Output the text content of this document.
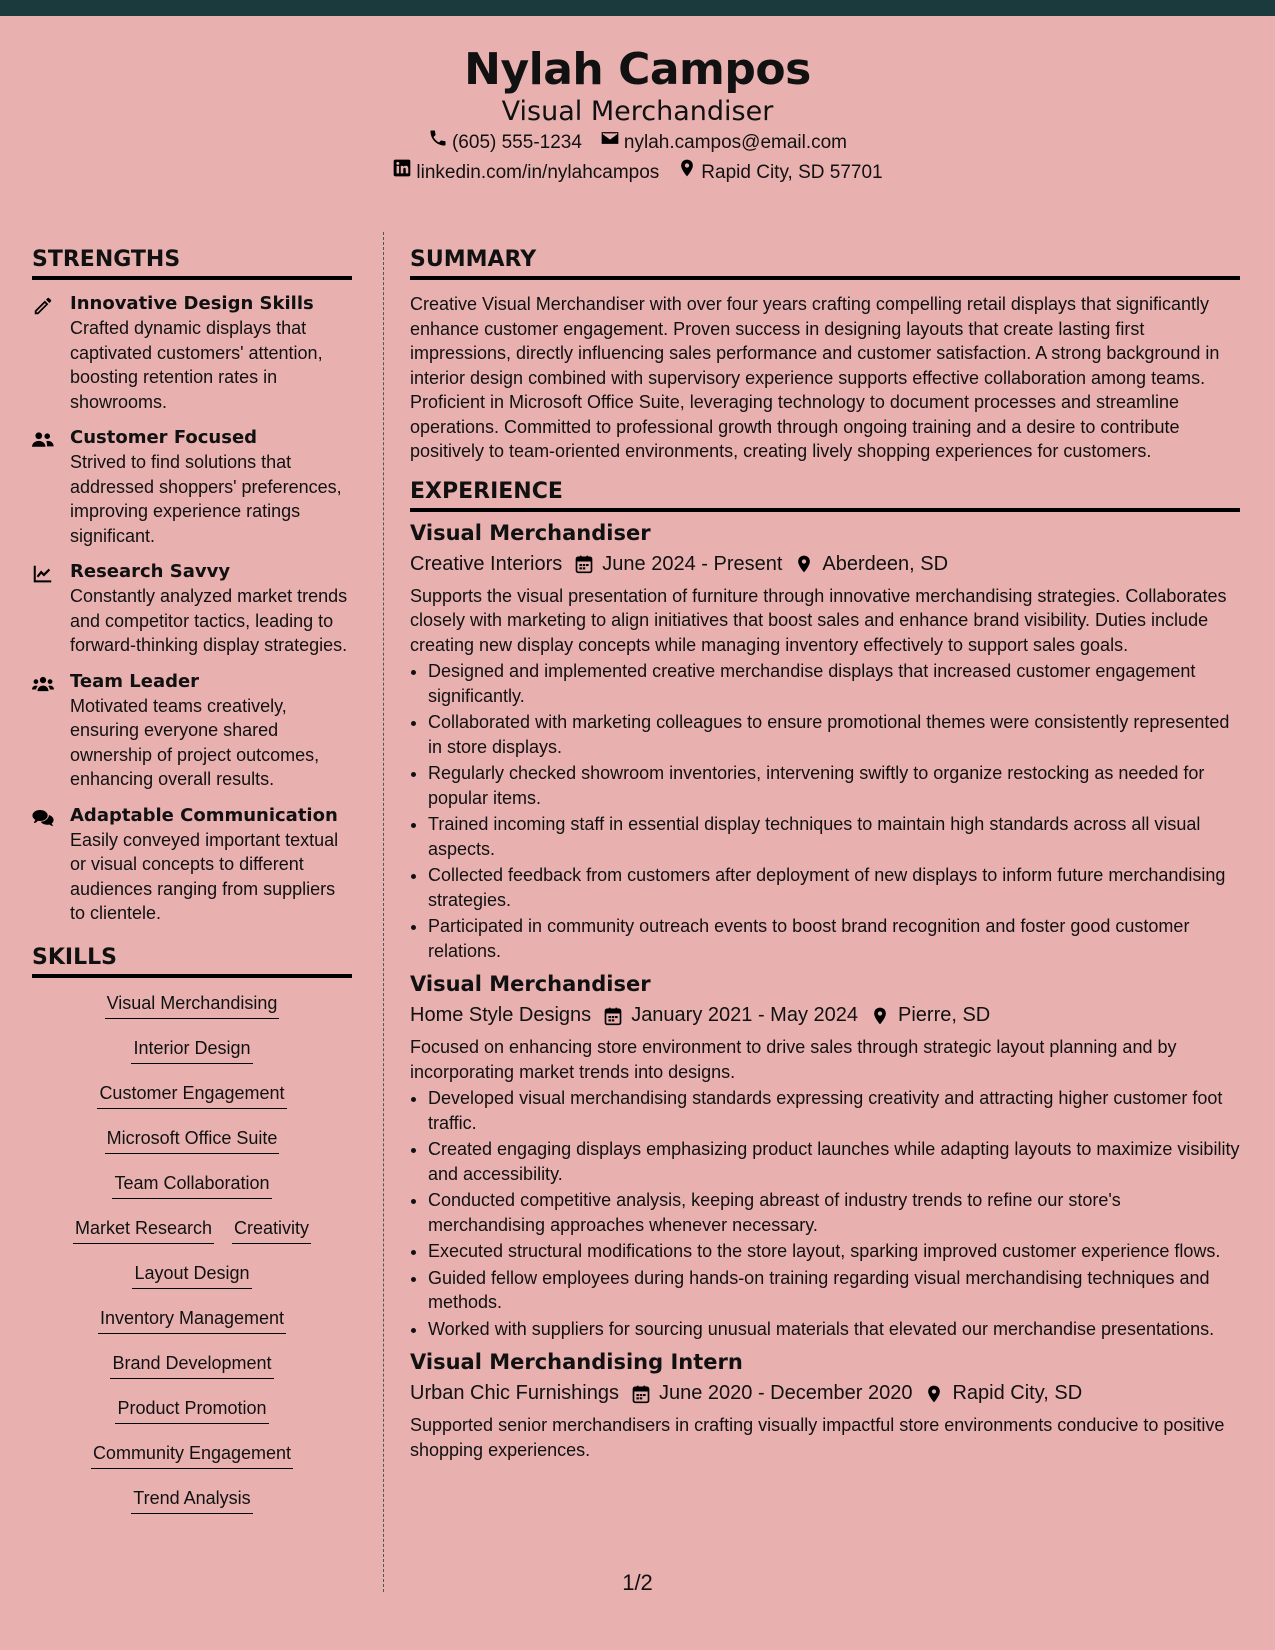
Nylah Campos
Visual Merchandiser
(605) 555-1234 nylah.campos@email.com
linkedin.com/in/nylahcampos Rapid City, SD 57701
STRENGTHS
Innovative Design Skills
Crafted dynamic displays that captivated customers' attention, boosting retention rates in showrooms.
Customer Focused
Strived to find solutions that addressed shoppers' preferences, improving experience ratings significant.
Research Savvy
Constantly analyzed market trends and competitor tactics, leading to forward-thinking display strategies.
Team Leader
Motivated teams creatively, ensuring everyone shared ownership of project outcomes, enhancing overall results.
Adaptable Communication
Easily conveyed important textual or visual concepts to different audiences ranging from suppliers to clientele.
SKILLS
Visual Merchandising
Interior Design
Customer Engagement
Microsoft Office Suite
Team Collaboration
Market Research Creativity
Layout Design
Inventory Management
Brand Development
Product Promotion
Community Engagement
Trend Analysis
SUMMARY
Creative Visual Merchandiser with over four years crafting compelling retail displays that significantly enhance customer engagement. Proven success in designing layouts that create lasting first impressions, directly influencing sales performance and customer satisfaction. A strong background in interior design combined with supervisory experience supports effective collaboration among teams. Proficient in Microsoft Office Suite, leveraging technology to document processes and streamline operations. Committed to professional growth through ongoing training and a desire to contribute positively to team-oriented environments, creating lively shopping experiences for customers.
EXPERIENCE
Visual Merchandiser
Creative Interiors June 2024 - Present Aberdeen, SD
Supports the visual presentation of furniture through innovative merchandising strategies. Collaborates closely with marketing to align initiatives that boost sales and enhance brand visibility. Duties include creating new display concepts while managing inventory effectively to support sales goals.
• Designed and implemented creative merchandise displays that increased customer engagement significantly.
• Collaborated with marketing colleagues to ensure promotional themes were consistently represented in store displays.
• Regularly checked showroom inventories, intervening swiftly to organize restocking as needed for popular items.
• Trained incoming staff in essential display techniques to maintain high standards across all visual aspects.
• Collected feedback from customers after deployment of new displays to inform future merchandising strategies.
• Participated in community outreach events to boost brand recognition and foster good customer relations.
Visual Merchandiser
Home Style Designs January 2021 - May 2024 Pierre, SD
Focused on enhancing store environment to drive sales through strategic layout planning and by incorporating market trends into designs.
• Developed visual merchandising standards expressing creativity and attracting higher customer foot traffic.
• Created engaging displays emphasizing product launches while adapting layouts to maximize visibility and accessibility.
• Conducted competitive analysis, keeping abreast of industry trends to refine our store's merchandising approaches whenever necessary.
• Executed structural modifications to the store layout, sparking improved customer experience flows.
• Guided fellow employees during hands-on training regarding visual merchandising techniques and methods.
• Worked with suppliers for sourcing unusual materials that elevated our merchandise presentations.
Visual Merchandising Intern
Urban Chic Furnishings June 2020 - December 2020 Rapid City, SD
Supported senior merchandisers in crafting visually impactful store environments conducive to positive shopping experiences.
1/2
